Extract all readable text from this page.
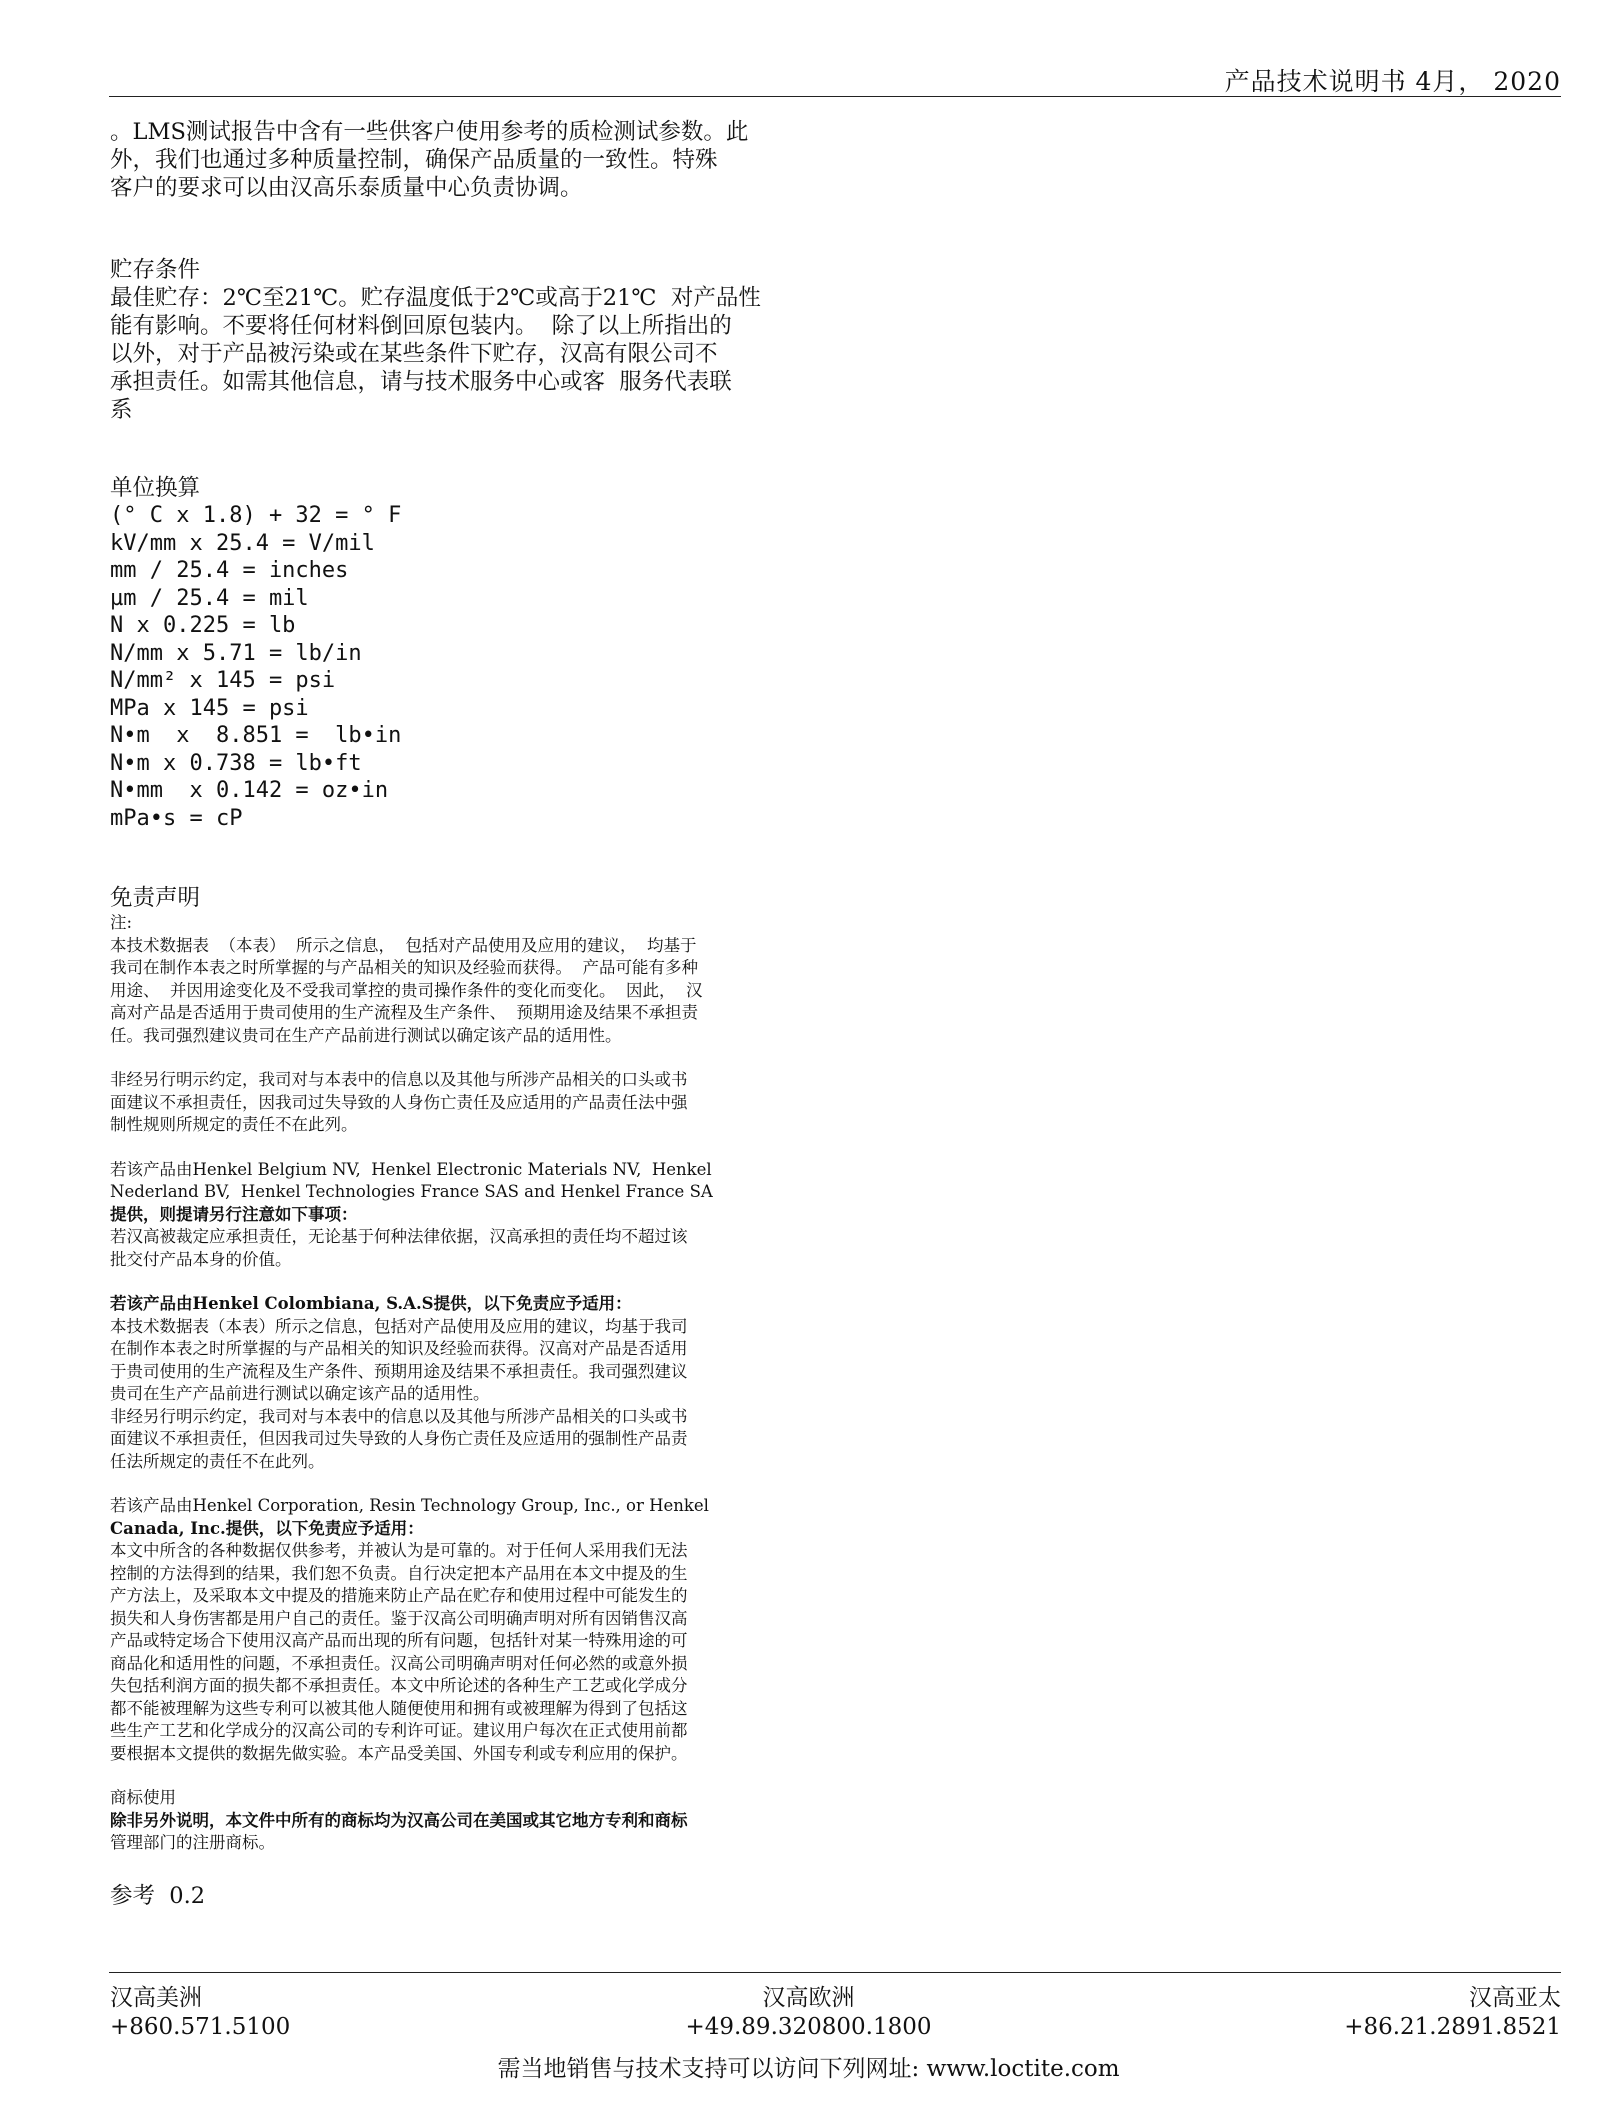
产品技术说明书 4月， 2020

。LMS测试报告中含有一些供客户使用参考的质检测试参数。此
外，我们也通过多种质量控制，确保产品质量的一致性。特殊
客户的要求可以由汉高乐泰质量中心负责协调。

贮存条件

最佳贮存：2℃至21℃。贮存温度低于2℃或高于21℃  对产品性
能有影响。不要将任何材料倒回原包装内。  除了以上所指出的
以外，对于产品被污染或在某些条件下贮存，汉高有限公司不
承担责任。如需其他信息，请与技术服务中心或客  服务代表联
系

单位换算

(° C x 1.8) + 32 = ° F

kV/mm x 25.4 = V/mil

mm / 25.4 = inches

µm / 25.4 = mil

N x 0.225 = lb

N/mm x 5.71 = lb/in

N/mm² x 145 = psi

MPa x 145 = psi

N•m  x  8.851 =  lb•in

N•m x 0.738 = lb•ft

N•mm  x 0.142 = oz•in

mPa•s = cP

免责声明

注:

本技术数据表  （本表）  所示之信息，  包括对产品使用及应用的建议，  均基于
我司在制作本表之时所掌握的与产品相关的知识及经验而获得。  产品可能有多种
用途、  并因用途变化及不受我司掌控的贵司操作条件的变化而变化。  因此，  汉
高对产品是否适用于贵司使用的生产流程及生产条件、  预期用途及结果不承担责
任。我司强烈建议贵司在生产产品前进行测试以确定该产品的适用性。

非经另行明示约定，我司对与本表中的信息以及其他与所涉产品相关的口头或书
面建议不承担责任，因我司过失导致的人身伤亡责任及应适用的产品责任法中强
制性规则所规定的责任不在此列。

若该产品由Henkel Belgium NV,  Henkel Electronic Materials NV,  Henkel
Nederland BV,  Henkel Technologies France SAS and Henkel France SA

提供，则提请另行注意如下事项：

若汉高被裁定应承担责任，无论基于何种法律依据，汉高承担的责任均不超过该
批交付产品本身的价值。

若该产品由Henkel Colombiana, S.A.S提供，以下免责应予适用：

本技术数据表（本表）所示之信息，包括对产品使用及应用的建议，均基于我司
在制作本表之时所掌握的与产品相关的知识及经验而获得。汉高对产品是否适用
于贵司使用的生产流程及生产条件、预期用途及结果不承担责任。我司强烈建议
贵司在生产产品前进行测试以确定该产品的适用性。
非经另行明示约定，我司对与本表中的信息以及其他与所涉产品相关的口头或书
面建议不承担责任，但因我司过失导致的人身伤亡责任及应适用的强制性产品责
任法所规定的责任不在此列。

若该产品由Henkel Corporation, Resin Technology Group, Inc., or Henkel

Canada, Inc.提供，以下免责应予适用：

本文中所含的各种数据仅供参考，并被认为是可靠的。对于任何人采用我们无法
控制的方法得到的结果，我们恕不负责。自行决定把本产品用在本文中提及的生
产方法上，及采取本文中提及的措施来防止产品在贮存和使用过程中可能发生的
损失和人身伤害都是用户自己的责任。鉴于汉高公司明确声明对所有因销售汉高
产品或特定场合下使用汉高产品而出现的所有问题，包括针对某一特殊用途的可
商品化和适用性的问题，不承担责任。汉高公司明确声明对任何必然的或意外损
失包括利润方面的损失都不承担责任。本文中所论述的各种生产工艺或化学成分
都不能被理解为这些专利可以被其他人随便使用和拥有或被理解为得到了包括这
些生产工艺和化学成分的汉高公司的专利许可证。建议用户每次在正式使用前都
要根据本文提供的数据先做实验。本产品受美国、外国专利或专利应用的保护。

商标使用

除非另外说明，本文件中所有的商标均为汉高公司在美国或其它地方专利和商标

管理部门的注册商标。

参考  0.2

汉高美洲
+860.571.5100
汉高欧洲
+49.89.320800.1800
汉高亚太
+86.21.2891.8521
需当地销售与技术支持可以访问下列网址: www.loctite.com
